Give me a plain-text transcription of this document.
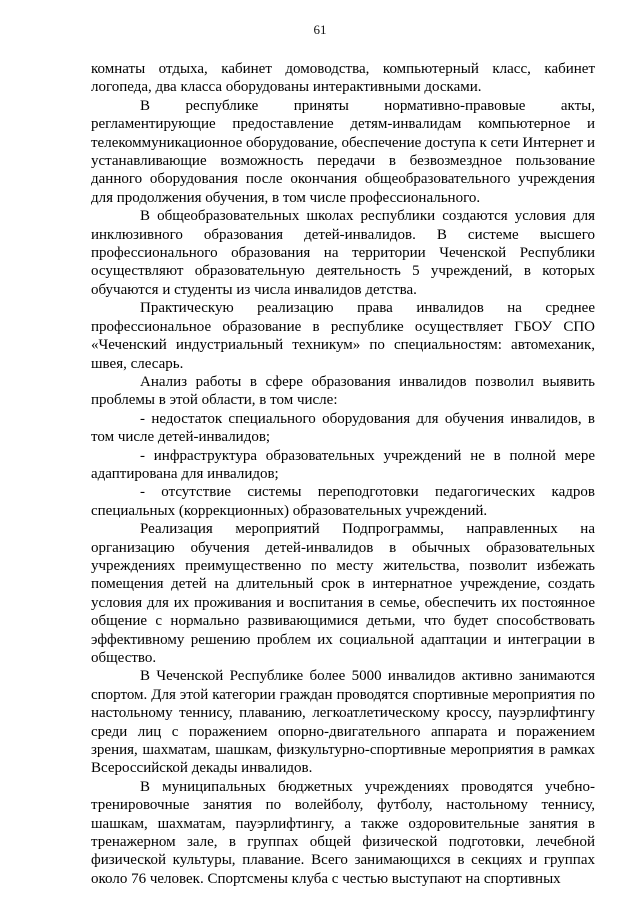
61

комнаты отдыха, кабинет домоводства, компьютерный класс, кабинет логопеда, два класса оборудованы интерактивными досками.

В республике приняты нормативно-правовые акты, регламентирующие предоставление детям-инвалидам компьютерное и телекоммуникационное оборудование, обеспечение доступа к сети Интернет и устанавливающие возможность передачи в безвозмездное пользование данного оборудования после окончания общеобразовательного учреждения для продолжения обучения, в том числе профессионального.

В общеобразовательных школах республики создаются условия для инклюзивного образования детей-инвалидов. В системе высшего профессионального образования на территории Чеченской Республики осуществляют образовательную деятельность 5 учреждений, в которых обучаются и студенты из числа инвалидов детства.

Практическую реализацию права инвалидов на среднее профессиональное образование в республике осуществляет ГБОУ СПО «Чеченский индустриальный техникум» по специальностям: автомеханик, швея, слесарь.

Анализ работы в сфере образования инвалидов позволил выявить проблемы в этой области, в том числе:

- недостаток специального оборудования для обучения инвалидов, в том числе детей-инвалидов;

- инфраструктура образовательных учреждений не в полной мере адаптирована для инвалидов;

- отсутствие системы переподготовки педагогических кадров специальных (коррекционных) образовательных учреждений.

Реализация мероприятий Подпрограммы, направленных на организацию обучения детей-инвалидов в обычных образовательных учреждениях преимущественно по месту жительства, позволит избежать помещения детей на длительный срок в интернатное учреждение, создать условия для их проживания и воспитания в семье, обеспечить их постоянное общение с нормально развивающимися детьми, что будет способствовать эффективному решению проблем их социальной адаптации и интеграции в общество.

В Чеченской Республике более 5000 инвалидов активно занимаются спортом. Для этой категории граждан проводятся спортивные мероприятия по настольному теннису, плаванию, легкоатлетическому кроссу, пауэрлифтингу среди лиц с поражением опорно-двигательного аппарата и поражением зрения, шахматам, шашкам, физкультурно-спортивные мероприятия в рамках Всероссийской декады инвалидов.

В муниципальных бюджетных учреждениях проводятся учебно-тренировочные занятия по волейболу, футболу, настольному теннису, шашкам, шахматам, пауэрлифтингу, а также оздоровительные занятия в тренажерном зале, в группах общей физической подготовки, лечебной физической культуры, плавание. Всего занимающихся в секциях и группах около 76 человек. Спортсмены клуба с честью выступают на спортивных
